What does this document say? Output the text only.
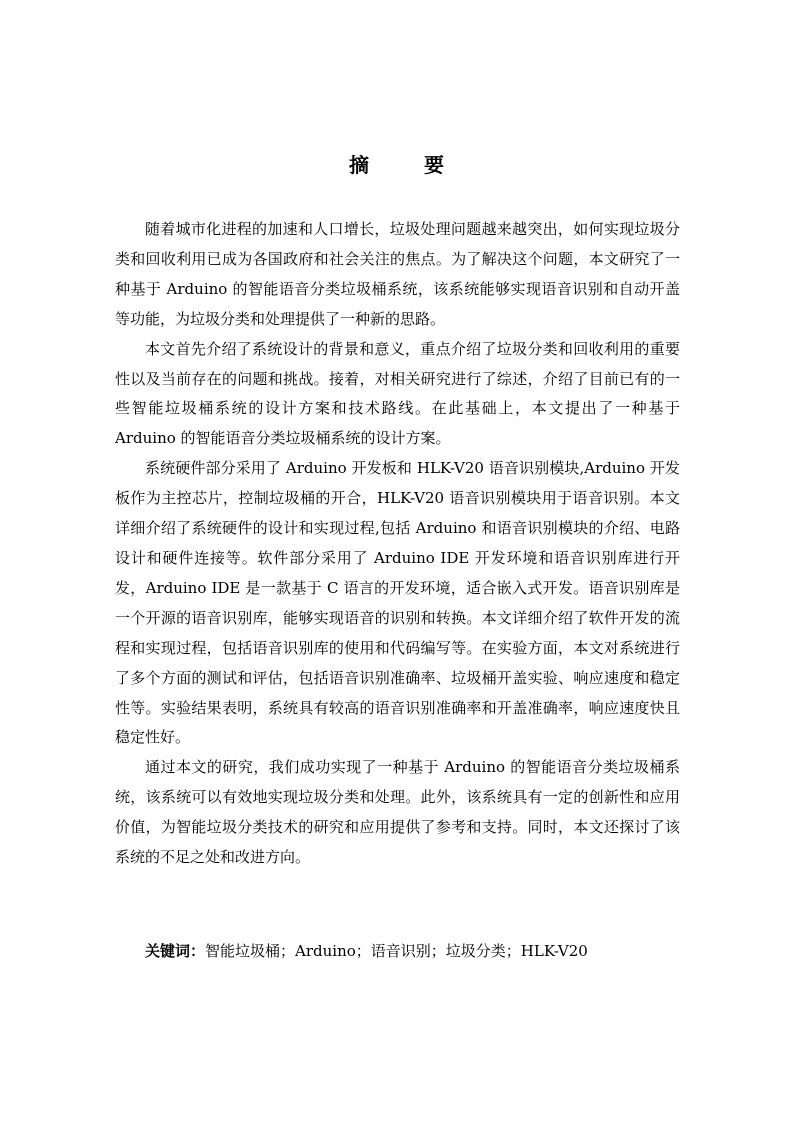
摘 要

随着城市化进程的加速和人口增长，垃圾处理问题越来越突出，如何实现垃圾分类和回收利用已成为各国政府和社会关注的焦点。为了解决这个问题，本文研究了一种基于 Arduino 的智能语音分类垃圾桶系统，该系统能够实现语音识别和自动开盖等功能，为垃圾分类和处理提供了一种新的思路。

本文首先介绍了系统设计的背景和意义，重点介绍了垃圾分类和回收利用的重要性以及当前存在的问题和挑战。接着，对相关研究进行了综述，介绍了目前已有的一些智能垃圾桶系统的设计方案和技术路线。在此基础上，本文提出了一种基于 Arduino 的智能语音分类垃圾桶系统的设计方案。

系统硬件部分采用了 Arduino 开发板和 HLK-V20 语音识别模块,Arduino 开发板作为主控芯片，控制垃圾桶的开合，HLK-V20 语音识别模块用于语音识别。本文详细介绍了系统硬件的设计和实现过程,包括 Arduino 和语音识别模块的介绍、电路设计和硬件连接等。软件部分采用了 Arduino IDE 开发环境和语音识别库进行开发，Arduino IDE 是一款基于 C 语言的开发环境，适合嵌入式开发。语音识别库是一个开源的语音识别库，能够实现语音的识别和转换。本文详细介绍了软件开发的流程和实现过程，包括语音识别库的使用和代码编写等。在实验方面，本文对系统进行了多个方面的测试和评估，包括语音识别准确率、垃圾桶开盖实验、响应速度和稳定性等。实验结果表明，系统具有较高的语音识别准确率和开盖准确率，响应速度快且稳定性好。

通过本文的研究，我们成功实现了一种基于 Arduino 的智能语音分类垃圾桶系统，该系统可以有效地实现垃圾分类和处理。此外，该系统具有一定的创新性和应用价值，为智能垃圾分类技术的研究和应用提供了参考和支持。同时，本文还探讨了该系统的不足之处和改进方向。

关键词：智能垃圾桶；Arduino；语音识别；垃圾分类；HLK-V20
